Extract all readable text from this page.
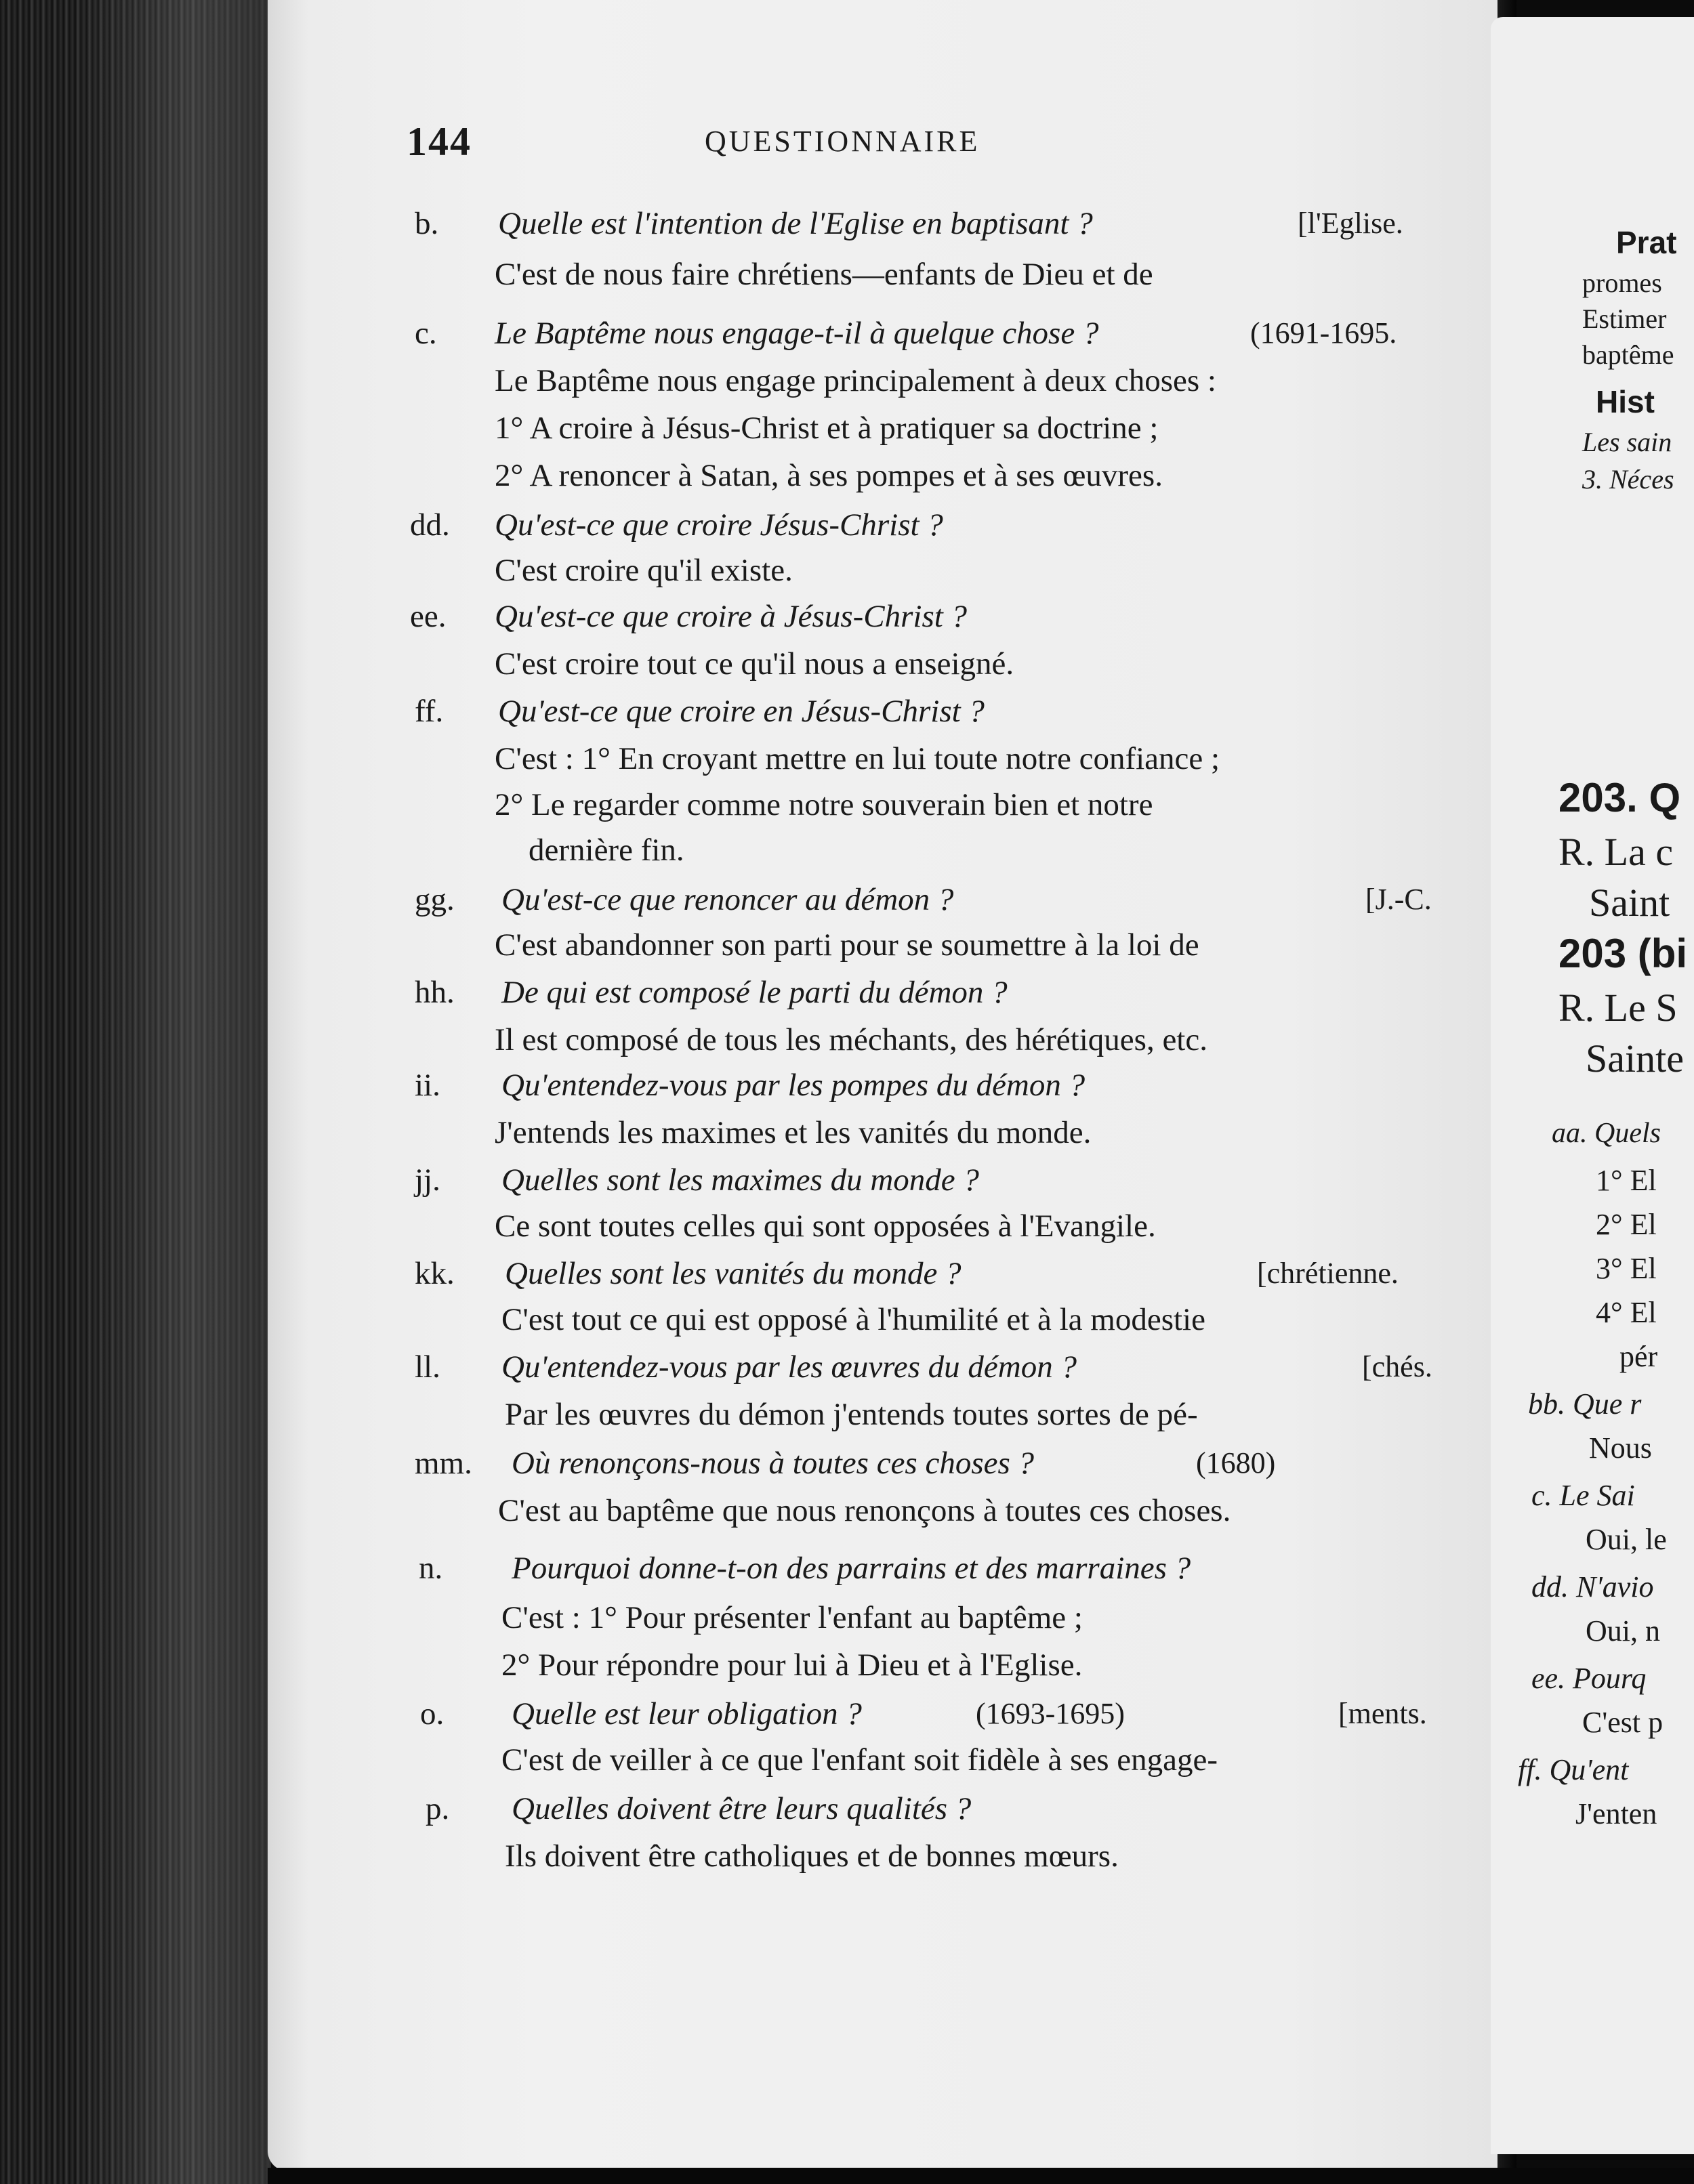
Prat
promes
Estimer
baptême
Hist
Les sain
3. Néces
203. Q
R. La c
Saint
203 (bi
R. Le S
Sainte
aa. Quels
1° El
2° El
3° El
4° El
pér
bb. Que r
Nous
c. Le Sai
Oui, le
dd. N'avio
Oui, n
ee. Pourq
C'est p
ff. Qu'ent
J'enten
144	QUESTIONNAIRE
b. Quelle est l'intention de l'Eglise en baptisant ?	[l'Eglise.
C'est de nous faire chrétiens—enfants de Dieu et de
c. Le Baptême nous engage-t-il à quelque chose ?	(1691-1695.
Le Baptême nous engage principalement à deux choses :
1° A croire à Jésus-Christ et à pratiquer sa doctrine ;
2° A renoncer à Satan, à ses pompes et à ses œuvres.
dd. Qu'est-ce que croire Jésus-Christ ?
C'est croire qu'il existe.
ee. Qu'est-ce que croire à Jésus-Christ ?
C'est croire tout ce qu'il nous a enseigné.
ff. Qu'est-ce que croire en Jésus-Christ ?
C'est : 1° En croyant mettre en lui toute notre confiance ;
2° Le regarder comme notre souverain bien et notre
dernière fin.
gg. Qu'est-ce que renoncer au démon ?	[J.-C.
C'est abandonner son parti pour se soumettre à la loi de
hh. De qui est composé le parti du démon ?
Il est composé de tous les méchants, des hérétiques, etc.
ii. Qu'entendez-vous par les pompes du démon ?
J'entends les maximes et les vanités du monde.
jj. Quelles sont les maximes du monde ?
Ce sont toutes celles qui sont opposées à l'Evangile.
kk. Quelles sont les vanités du monde ?	[chrétienne.
C'est tout ce qui est opposé à l'humilité et à la modestie
ll. Qu'entendez-vous par les œuvres du démon ?	[chés.
Par les œuvres du démon j'entends toutes sortes de pé-
mm. Où renonçons-nous à toutes ces choses ?	(1680)
C'est au baptême que nous renonçons à toutes ces choses.
n. Pourquoi donne-t-on des parrains et des marraines ?
C'est : 1° Pour présenter l'enfant au baptême ;
2° Pour répondre pour lui à Dieu et à l'Eglise.
o. Quelle est leur obligation ?	(1693-1695)	[ments.
C'est de veiller à ce que l'enfant soit fidèle à ses engage-
p. Quelles doivent être leurs qualités ?
Ils doivent être catholiques et de bonnes mœurs.
